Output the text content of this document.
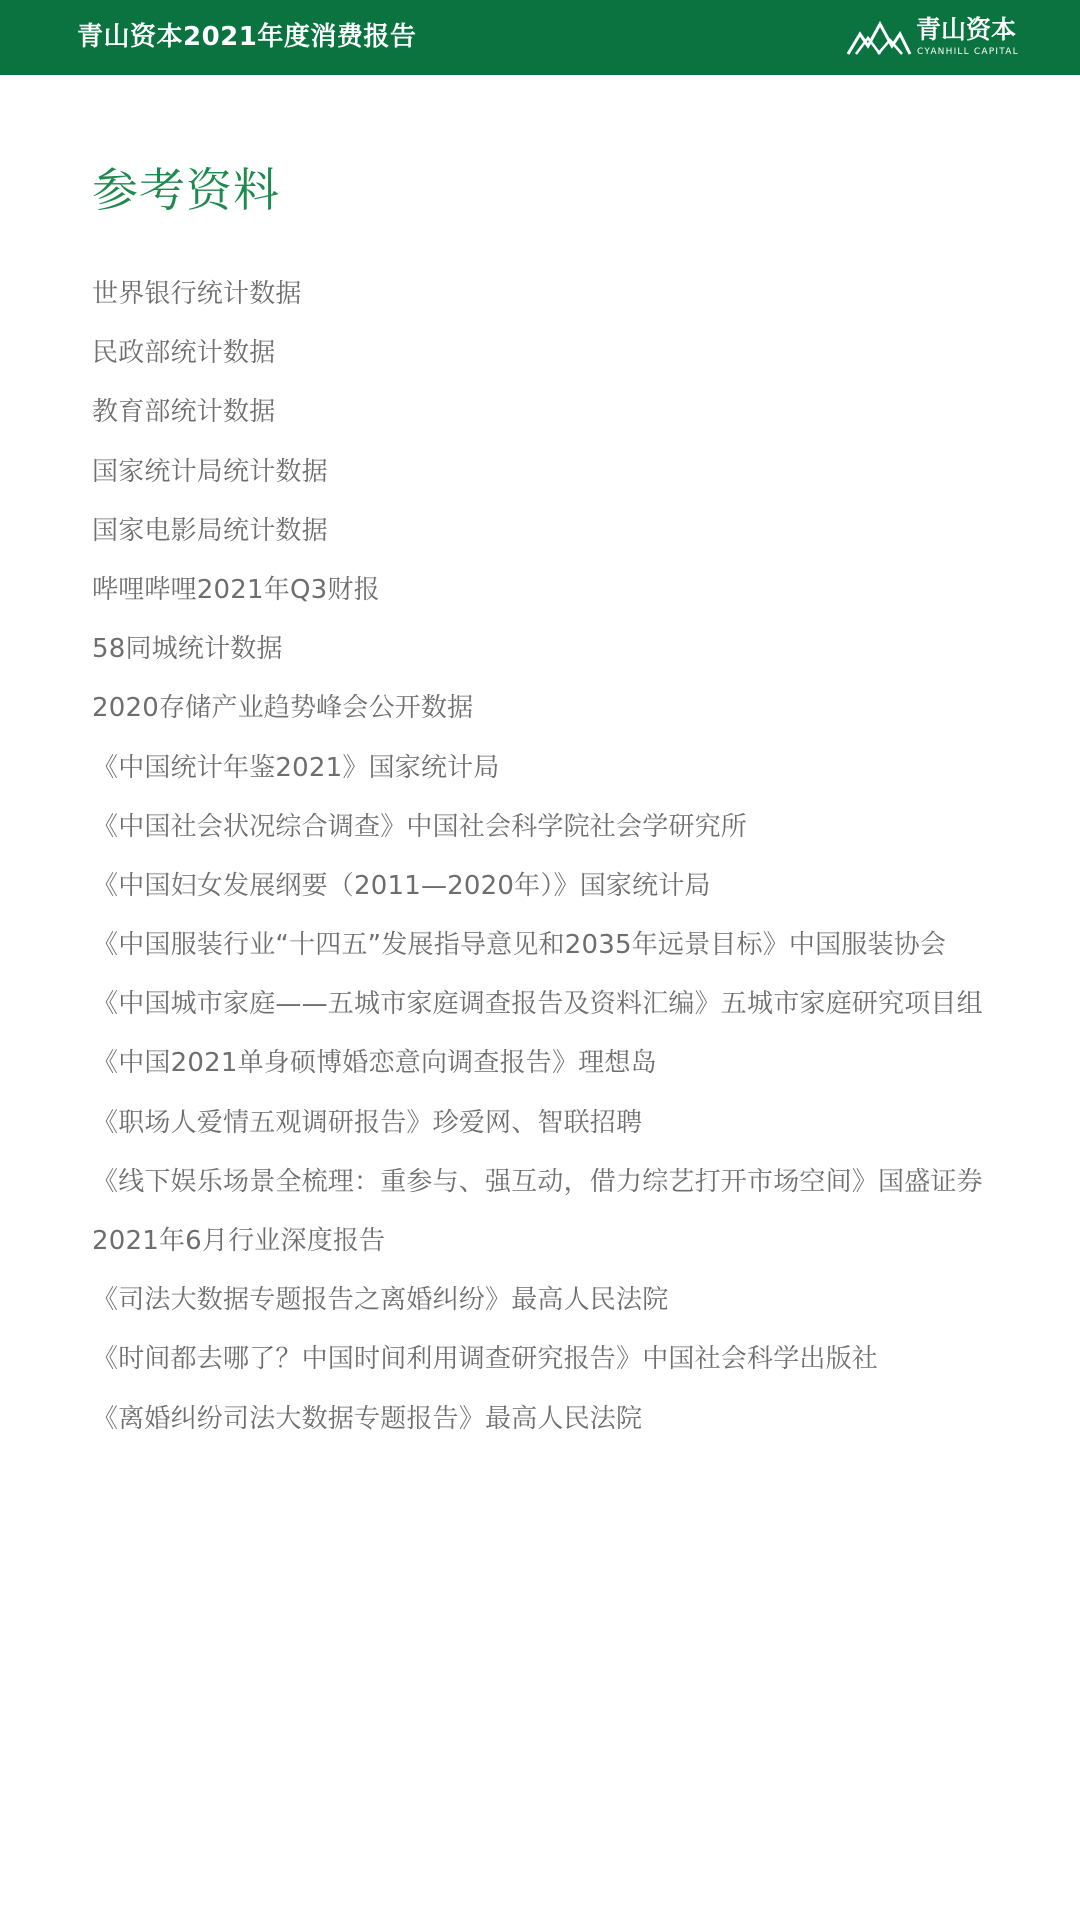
青山资本2021年度消费报告	青山资本
CYANHILL CAPITAL
参考资料
世界银行统计数据
民政部统计数据
教育部统计数据
国家统计局统计数据
国家电影局统计数据
哔哩哔哩2021年Q3财报
58同城统计数据
2020存储产业趋势峰会公开数据
《中国统计年鉴2021》国家统计局
《中国社会状况综合调查》中国社会科学院社会学研究所
《中国妇女发展纲要（2011—2020年）》国家统计局
《中国服装行业“十四五”发展指导意见和2035年远景目标》中国服装协会
《中国城市家庭——五城市家庭调查报告及资料汇编》五城市家庭研究项目组
《中国2021单身硕博婚恋意向调查报告》理想岛
《职场人爱情五观调研报告》珍爱网、智联招聘
《线下娱乐场景全梳理：重参与、强互动，借力综艺打开市场空间》国盛证券
2021年6月行业深度报告
《司法大数据专题报告之离婚纠纷》最高人民法院
《时间都去哪了？中国时间利用调查研究报告》中国社会科学出版社
《离婚纠纷司法大数据专题报告》最高人民法院
